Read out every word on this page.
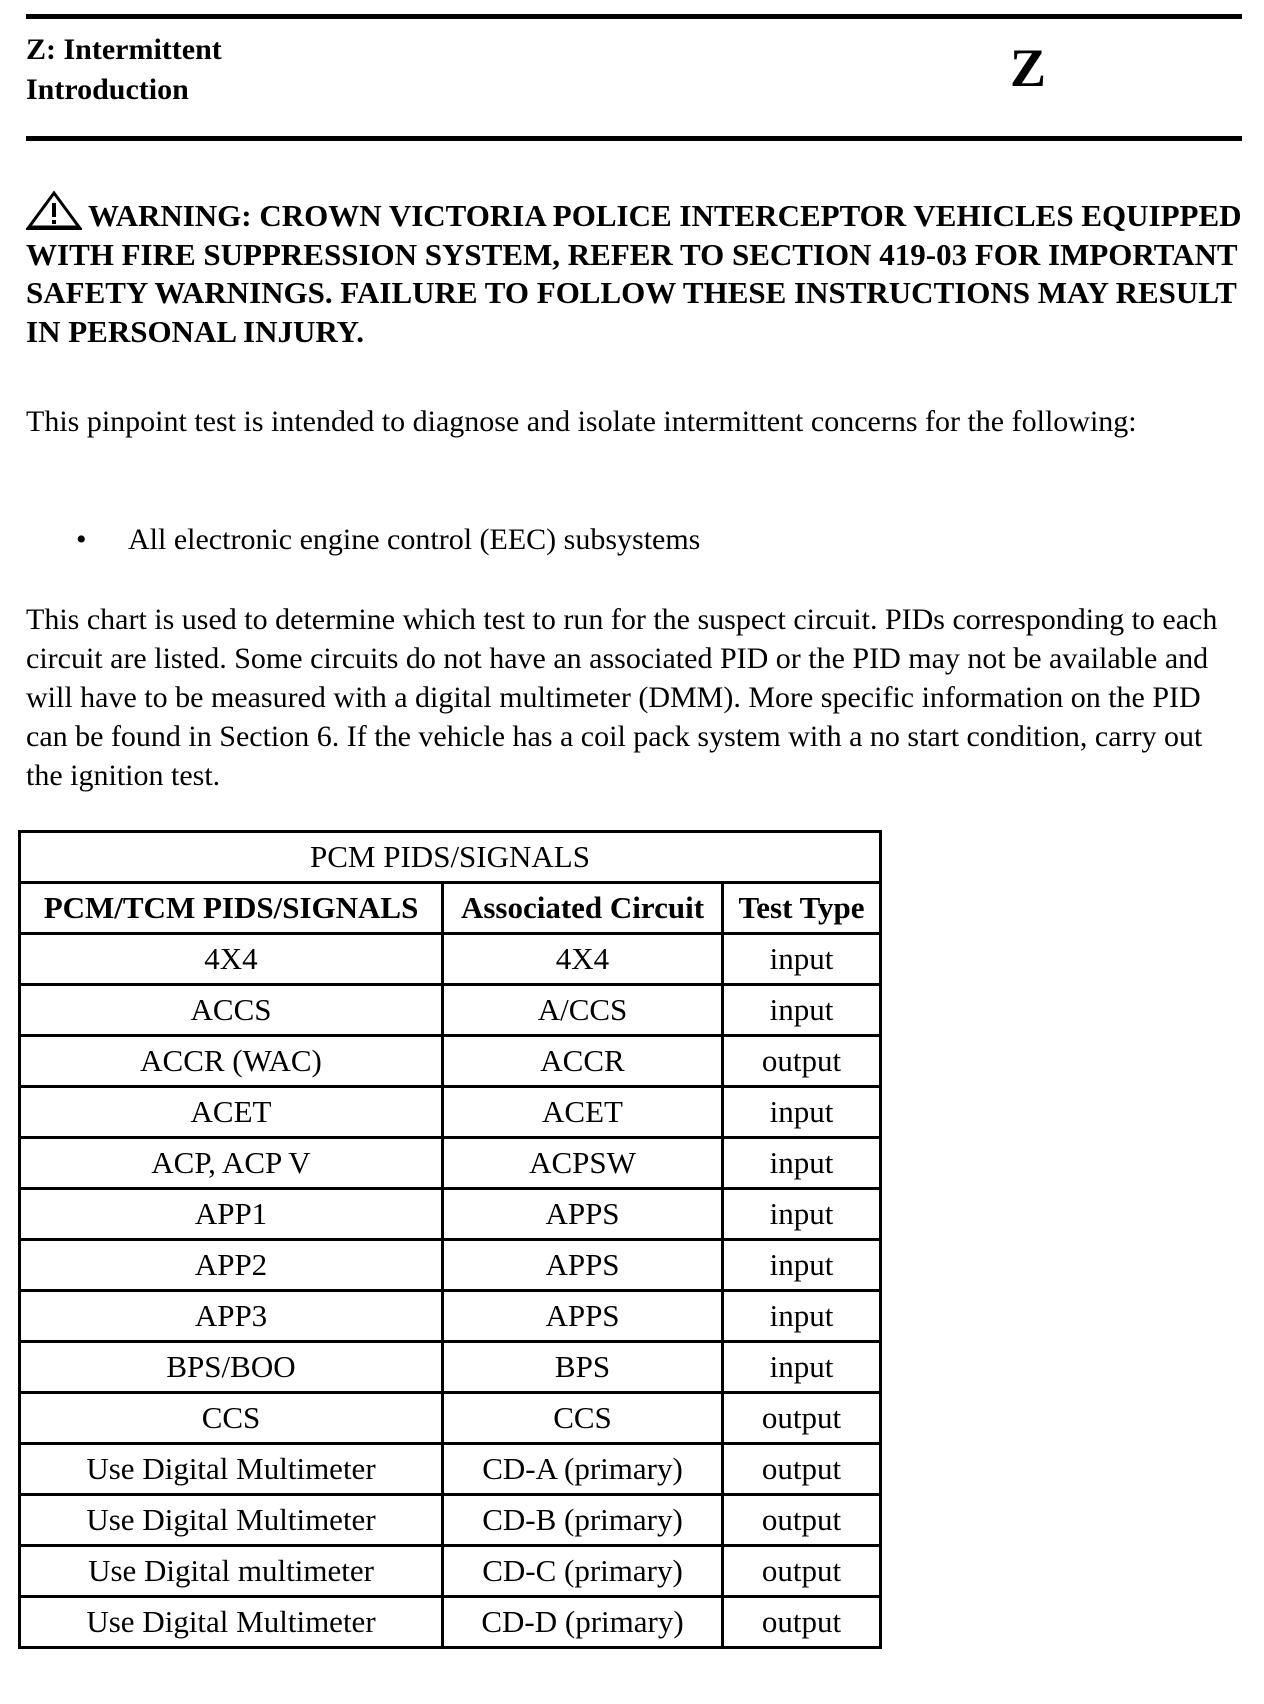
Z: Intermittent
Introduction	Z
WARNING: CROWN VICTORIA POLICE INTERCEPTOR VEHICLES EQUIPPED WITH FIRE SUPPRESSION SYSTEM, REFER TO SECTION 419-03 FOR IMPORTANT SAFETY WARNINGS. FAILURE TO FOLLOW THESE INSTRUCTIONS MAY RESULT IN PERSONAL INJURY.
This pinpoint test is intended to diagnose and isolate intermittent concerns for the following:
• All electronic engine control (EEC) subsystems
This chart is used to determine which test to run for the suspect circuit. PIDs corresponding to each circuit are listed. Some circuits do not have an associated PID or the PID may not be available and will have to be measured with a digital multimeter (DMM). More specific information on the PID can be found in Section 6. If the vehicle has a coil pack system with a no start condition, carry out the ignition test.
PCM PIDS/SIGNALS		
PCM/TCM PIDS/SIGNALS	Associated Circuit	Test Type
4X4	4X4	input
ACCS	A/CCS	input
ACCR (WAC)	ACCR	output
ACET	ACET	input
ACP, ACP V	ACPSW	input
APP1	APPS	input
APP2	APPS	input
APP3	APPS	input
BPS/BOO	BPS	input
CCS	CCS	output
Use Digital Multimeter	CD-A (primary)	output
Use Digital Multimeter	CD-B (primary)	output
Use Digital multimeter	CD-C (primary)	output
Use Digital Multimeter	CD-D (primary)	output
